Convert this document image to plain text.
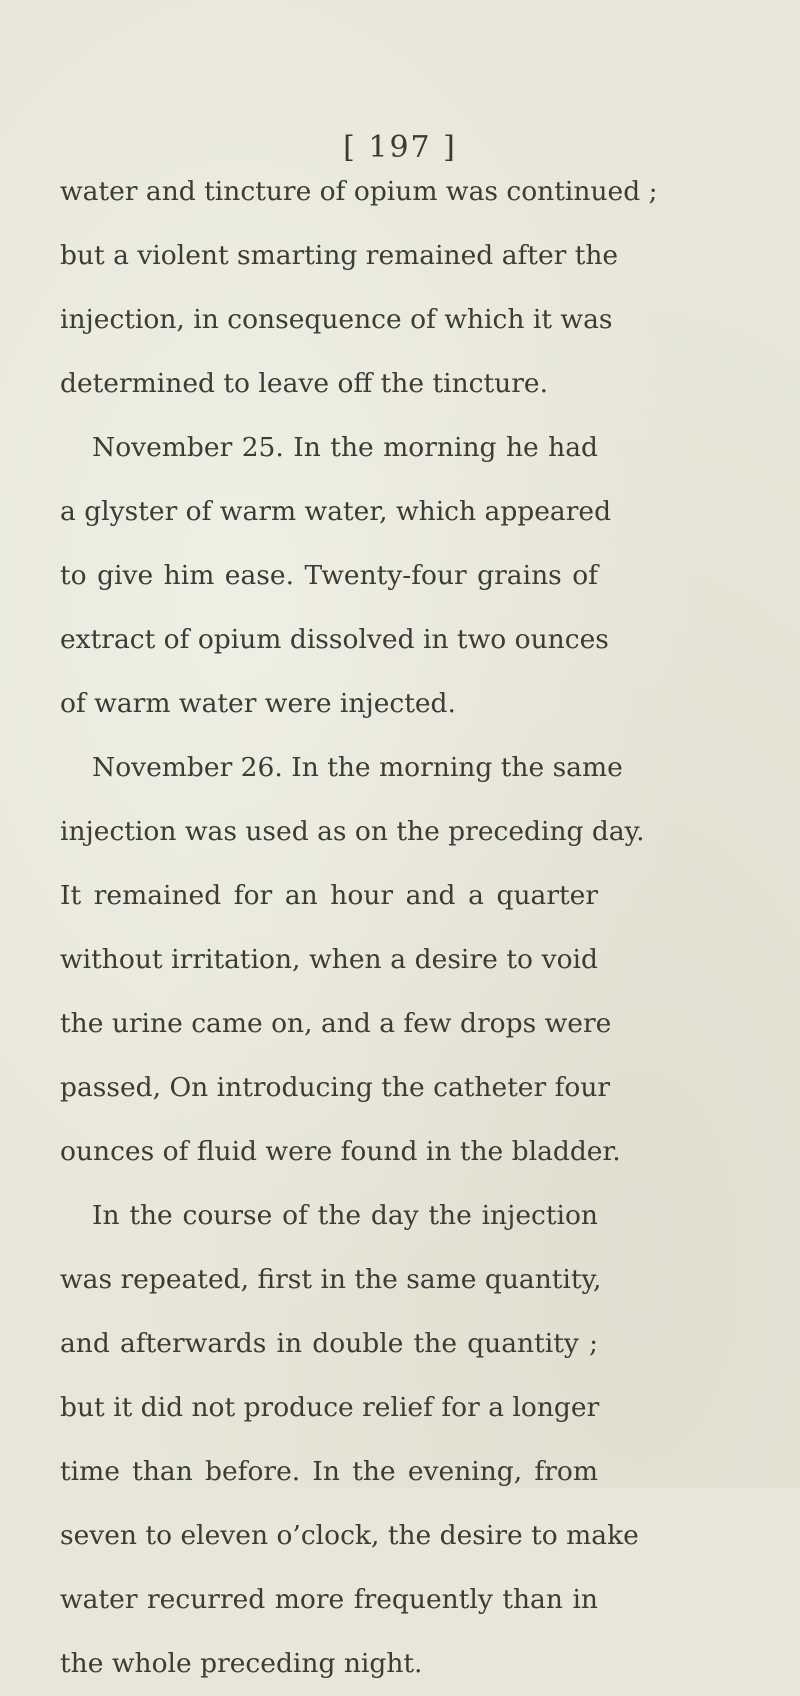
[ 197 ]
water and tincture of opium was continued ;
but a violent smarting remained after the
injection, in consequence of which it was
determined to leave off the tincture.
November 25. In the morning he had
a glyster of warm water, which appeared
to give him ease. Twenty-four grains of
extract of opium dissolved in two ounces
of warm water were injected.
November 26. In the morning the same
injection was used as on the preceding day.
It remained for an hour and a quarter
without irritation, when a desire to void
the urine came on, and a few drops were
passed, On introducing the catheter four
ounces of fluid were found in the bladder.
In the course of the day the injection
was repeated, first in the same quantity,
and afterwards in double the quantity ;
but it did not produce relief for a longer
time than before. In the evening, from
seven to eleven o’clock, the desire to make
water recurred more frequently than in
the whole preceding night.
